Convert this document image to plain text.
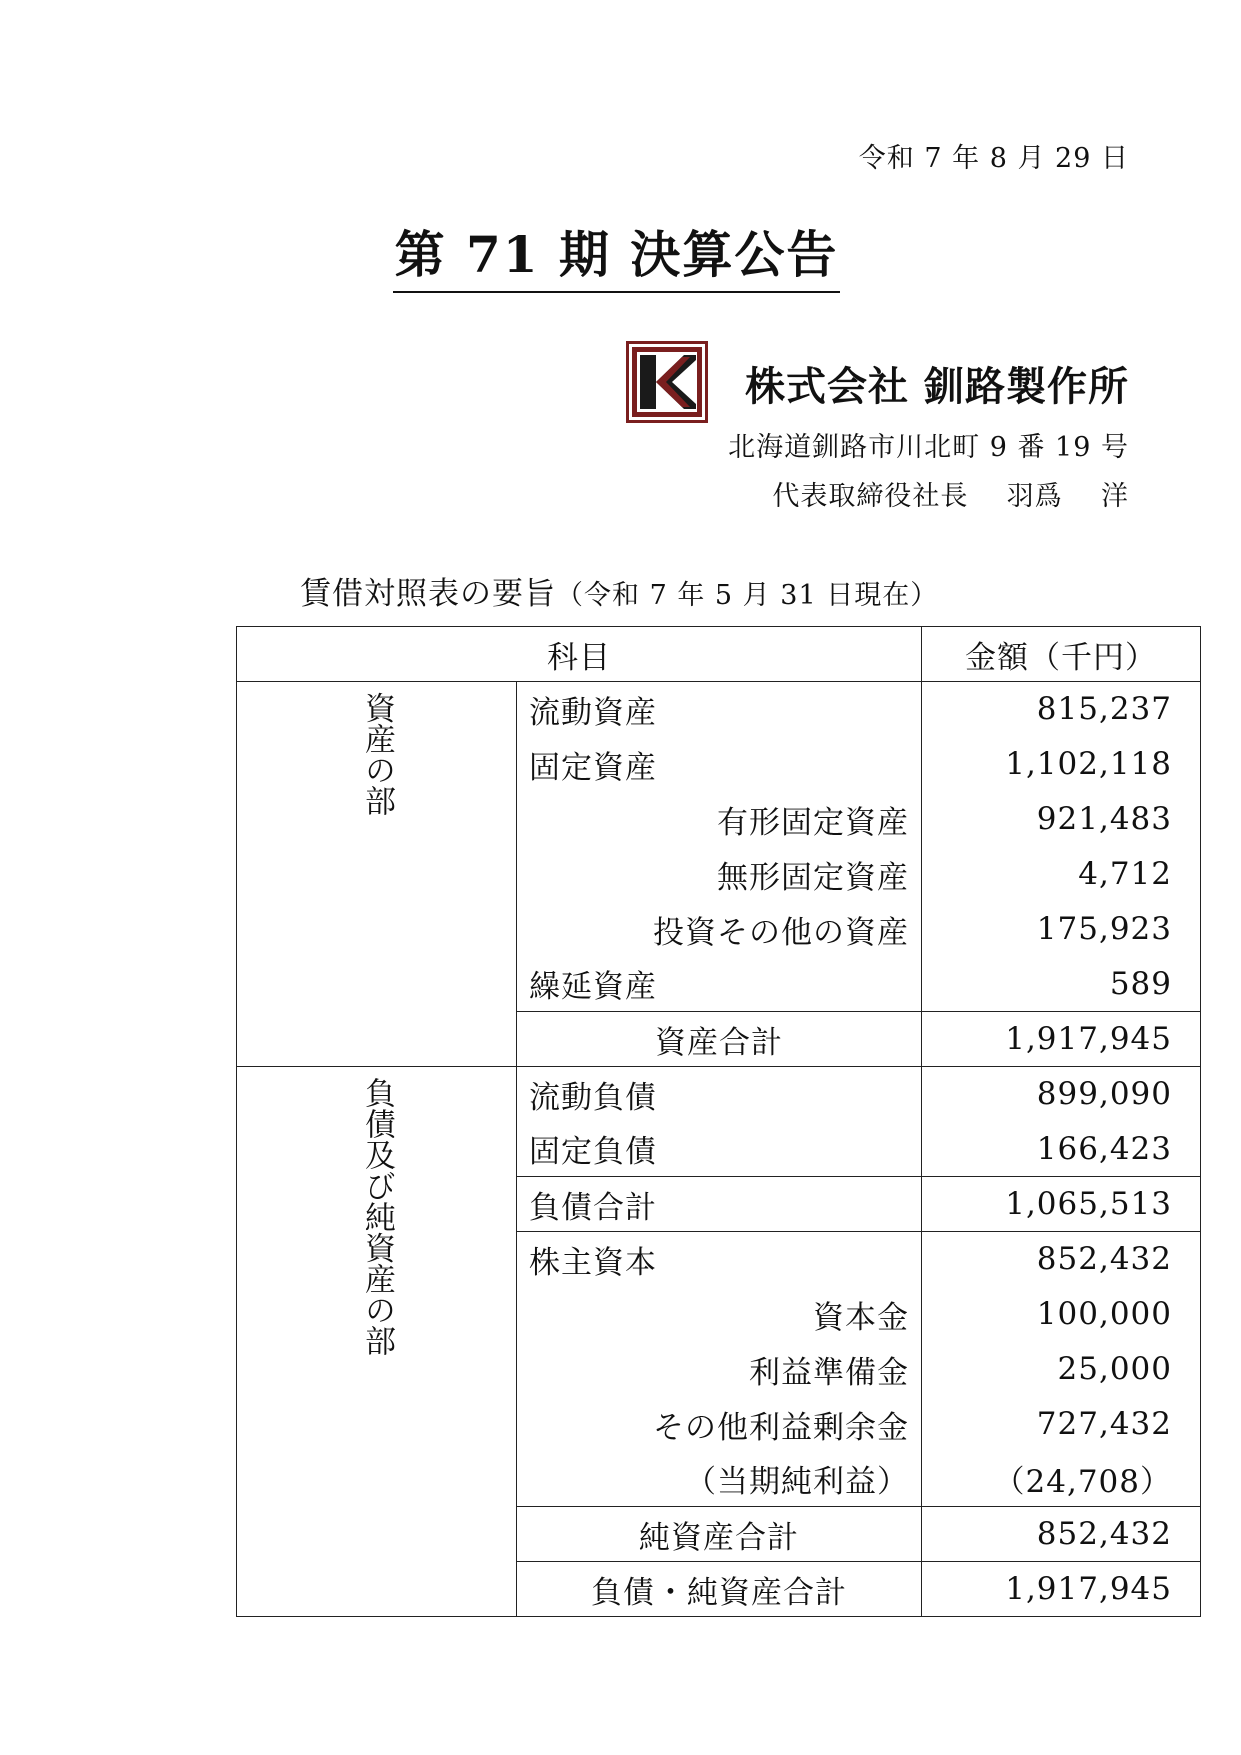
令和 7 年 8 月 29 日
第 71 期 決算公告
株式会社 釧路製作所
北海道釧路市川北町 9 番 19 号
代表取締役社長    羽爲    洋
賃借対照表の要旨（令和 7 年 5 月 31 日現在）
科目		金額（千円）

資産の部	流動資産	815,237
	固定資産	1,102,118
	有形固定資産	921,483
	無形固定資産	4,712
	投資その他の資産	175,923
	繰延資産	589
	資産合計	1,917,945

負債及び純資産の部	流動負債	899,090
	固定負債	166,423
	負債合計	1,065,513
	株主資本	852,432
	資本金	100,000
	利益準備金	25,000
	その他利益剰余金	727,432
	（当期純利益）	（24,708）
	純資産合計	852,432
	負債・純資産合計	1,917,945
